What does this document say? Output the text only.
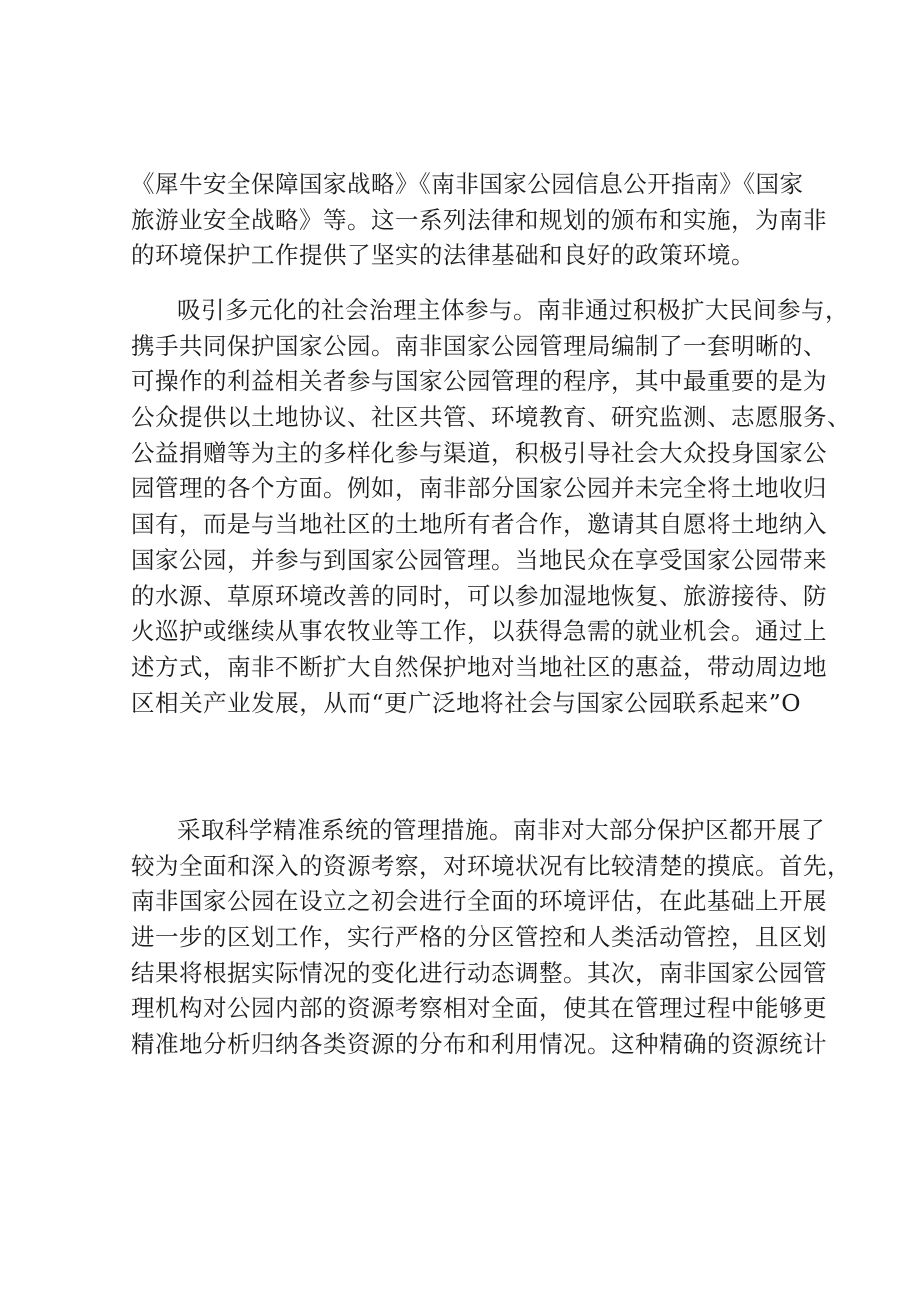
《犀牛安全保障国家战略》《南非国家公园信息公开指南》《国家
旅游业安全战略》等。这一系列法律和规划的颁布和实施，为南非
的环境保护工作提供了坚实的法律基础和良好的政策环境。
吸引多元化的社会治理主体参与。南非通过积极扩大民间参与，
携手共同保护国家公园。南非国家公园管理局编制了一套明晰的、
可操作的利益相关者参与国家公园管理的程序，其中最重要的是为
公众提供以土地协议、社区共管、环境教育、研究监测、志愿服务、
公益捐赠等为主的多样化参与渠道，积极引导社会大众投身国家公
园管理的各个方面。例如，南非部分国家公园并未完全将土地收归
国有，而是与当地社区的土地所有者合作，邀请其自愿将土地纳入
国家公园，并参与到国家公园管理。当地民众在享受国家公园带来
的水源、草原环境改善的同时，可以参加湿地恢复、旅游接待、防
火巡护或继续从事农牧业等工作，以获得急需的就业机会。通过上
述方式，南非不断扩大自然保护地对当地社区的惠益，带动周边地
区相关产业发展，从而“更广泛地将社会与国家公园联系起来”O
采取科学精准系统的管理措施。南非对大部分保护区都开展了
较为全面和深入的资源考察，对环境状况有比较清楚的摸底。首先，
南非国家公园在设立之初会进行全面的环境评估，在此基础上开展
进一步的区划工作，实行严格的分区管控和人类活动管控，且区划
结果将根据实际情况的变化进行动态调整。其次，南非国家公园管
理机构对公园内部的资源考察相对全面，使其在管理过程中能够更
精准地分析归纳各类资源的分布和利用情况。这种精确的资源统计
